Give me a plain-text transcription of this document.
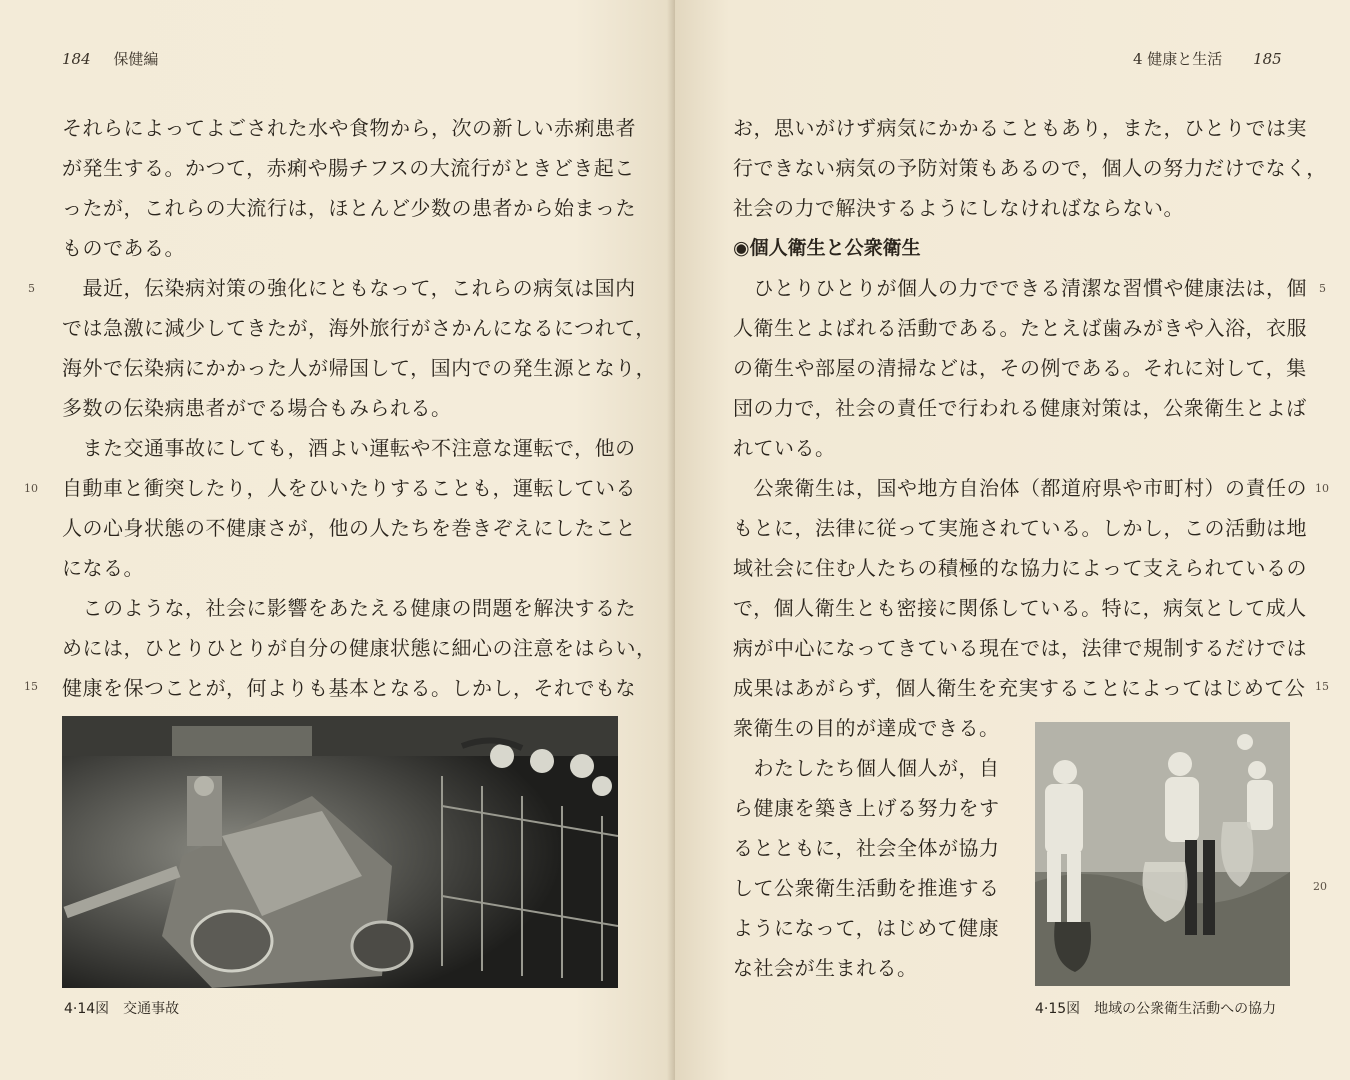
184 保健編

それらによってよごされた水や食物から，次の新しい赤痢患者
が発生する。かつて，赤痢や腸チフスの大流行がときどき起こ
ったが，これらの大流行は，ほとんど少数の患者から始まった
ものである。

　最近，伝染病対策の強化にともなって，これらの病気は国内
では急激に減少してきたが，海外旅行がさかんになるにつれて，
海外で伝染病にかかった人が帰国して，国内での発生源となり，
多数の伝染病患者がでる場合もみられる。

　また交通事故にしても，酒よい運転や不注意な運転で，他の
自動車と衝突したり，人をひいたりすることも，運転している
人の心身状態の不健康さが，他の人たちを巻きぞえにしたこと
になる。

　このような，社会に影響をあたえる健康の問題を解決するた
めには，ひとりひとりが自分の健康状態に細心の注意をはらい，
健康を保つことが，何よりも基本となる。しかし，それでもな

5
10
15
4·14図　交通事故
4 健康と生活 185

お，思いがけず病気にかかることもあり，また，ひとりでは実
行できない病気の予防対策もあるので，個人の努力だけでなく，
社会の力で解決するようにしなければならない。

◉個人衛生と公衆衛生

　ひとりひとりが個人の力でできる清潔な習慣や健康法は，個
人衛生とよばれる活動である。たとえば歯みがきや入浴，衣服
の衛生や部屋の清掃などは，その例である。それに対して，集
団の力で，社会の責任で行われる健康対策は，公衆衛生とよば
れている。

　公衆衛生は，国や地方自治体（都道府県や市町村）の責任の
もとに，法律に従って実施されている。しかし，この活動は地
域社会に住む人たちの積極的な協力によって支えられているの
で，個人衛生とも密接に関係している。特に，病気として成人
病が中心になってきている現在では，法律で規制するだけでは
成果はあがらず，個人衛生を充実することによってはじめて公
衆衛生の目的が達成できる。

　わたしたち個人個人が，自
ら健康を築き上げる努力をす
るとともに，社会全体が協力
して公衆衛生活動を推進する
ようになって，はじめて健康
な社会が生まれる。

5
10
15
20
4·15図　地域の公衆衛生活動への協力
